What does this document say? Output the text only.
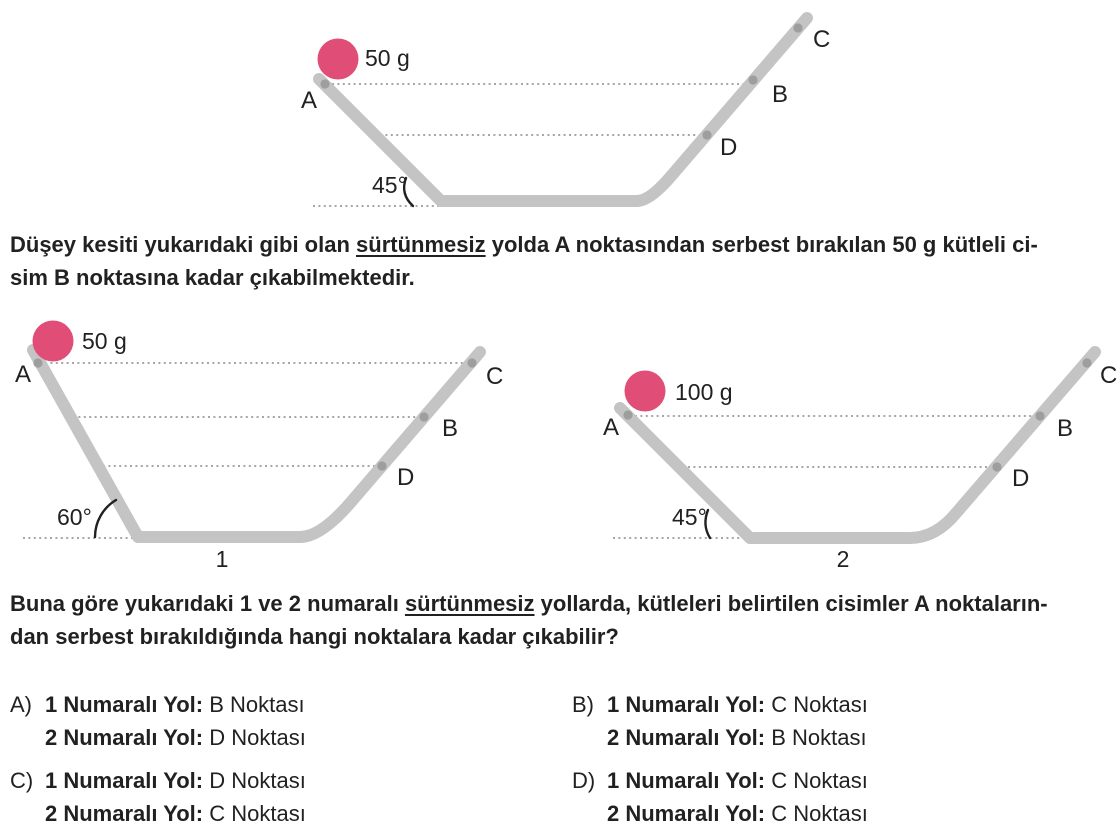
A	B
C
D
50 g
45°

Düşey kesiti yukarıdaki gibi olan sürtünmesiz yolda A noktasından serbest bırakılan 50 g kütleli ci-
sim B noktasına kadar çıkabilmektedir.

A
B
C
D
50 g
60°
1
A	B
C
D
100 g
45°
2

Buna göre yukarıdaki 1 ve 2 numaralı sürtünmesiz yollarda, kütleleri belirtilen cisimler A noktaların-
dan serbest bırakıldığında hangi noktalara kadar çıkabilir?

A) 1 Numaralı Yol: B Noktası
2 Numaralı Yol: D Noktası
B) 1 Numaralı Yol: C Noktası
2 Numaralı Yol: B Noktası
C) 1 Numaralı Yol: D Noktası
2 Numaralı Yol: C Noktası
D) 1 Numaralı Yol: C Noktası
2 Numaralı Yol: C Noktası
